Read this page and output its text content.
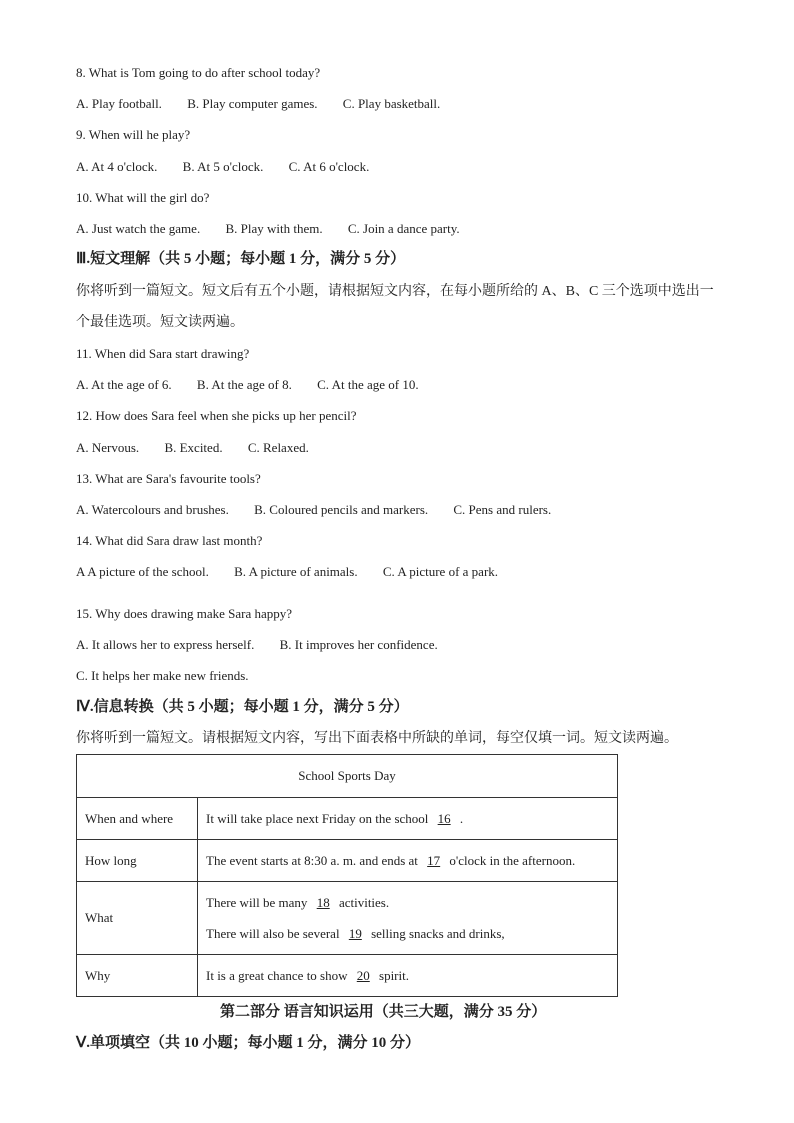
8. What is Tom going to do after school today?
A. Play football. B. Play computer games. C. Play basketball.
9. When will he play?
A. At 4 o'clock. B. At 5 o'clock. C. At 6 o'clock.
10. What will the girl do?
A. Just watch the game. B. Play with them. C. Join a dance party.
Ⅲ.短文理解（共 5 小题；每小题 1 分，满分 5 分）
你将听到一篇短文。短文后有五个小题，请根据短文内容，在每小题所给的 A、B、C 三个选项中选出一
个最佳选项。短文读两遍。
11. When did Sara start drawing?
A. At the age of 6. B. At the age of 8. C. At the age of 10.
12. How does Sara feel when she picks up her pencil?
A. Nervous. B. Excited. C. Relaxed.
13. What are Sara's favourite tools?
A. Watercolours and brushes. B. Coloured pencils and markers. C. Pens and rulers.
14. What did Sara draw last month?
A A picture of the school. B. A picture of animals. C. A picture of a park.
15. Why does drawing make Sara happy?
A. It allows her to express herself. B. It improves her confidence.
C. It helps her make new friends.
Ⅳ.信息转换（共 5 小题；每小题 1 分，满分 5 分）
你将听到一篇短文。请根据短文内容，写出下面表格中所缺的单词，每空仅填一词。短文读两遍。
School Sports Day	
When and where	It will take place next Friday on the school 16 .
How long	The event starts at 8:30 a. m. and ends at 17 o'clock in the afternoon.
What	There will be many 18 activities.
There will also be several 19 selling snacks and drinks,

Why	It is a great chance to show 20 spirit.
第二部分 语言知识运用（共三大题，满分 35 分）
Ⅴ.单项填空（共 10 小题；每小题 1 分，满分 10 分）
